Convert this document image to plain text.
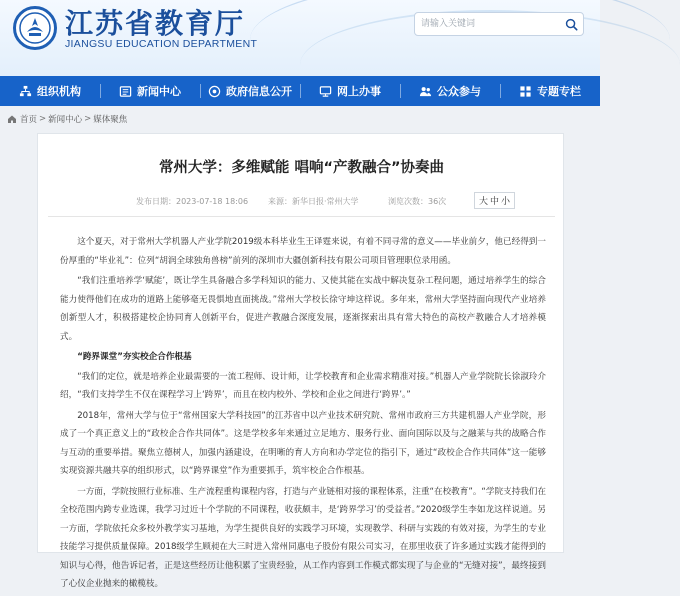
江苏省教育厅
JIANGSU EDUCATION DEPARTMENT
请输入关键词
组织机构	新闻中心	政府信息公开	网上办事	公众参与	专题专栏
首页 > 新闻中心 > 媒体聚焦
常州大学：多维赋能 唱响“产教融合”协奏曲
发布日期：2023-07-18 18:06 来源：新华日报·常州大学	浏览次数：36次	大 中 小

这个夏天，对于常州大学机器人产业学院2019级本科毕业生王译霆来说，有着不同寻常的意义——毕业前夕，他已经得到一份厚重的“毕业礼”：位列“胡润全球独角兽榜”前列的深圳市大疆创新科技有限公司项目管理职位录用函。

“我们注重培养学‘赋能’，既让学生具备融合多学科知识的能力、又使其能在实战中解决复杂工程问题，通过培养学生的综合能力使得他们在成功的道路上能够毫无畏惧地直面挑战。”常州大学校长徐守坤这样说。多年来，常州大学坚持面向现代产业培养创新型人才，积极搭建校企协同育人创新平台，促进产教融合深度发展，逐渐探索出具有常大特色的高校产教融合人才培养模式。

“跨界课堂”夯实校企合作根基

“我们的定位，就是培养企业最需要的一流工程师、设计师，让学校教育和企业需求精准对接。”机器人产业学院院长徐淑玲介绍，“我们支持学生不仅在课程学习上‘跨界’，而且在校内校外、学校和企业之间进行‘跨界’。”

2018年，常州大学与位于“常州国家大学科技园”的江苏省中以产业技术研究院、常州市政府三方共建机器人产业学院，形成了一个真正意义上的“政校企合作共同体”。这是学校多年来通过立足地方、服务行业、面向国际以及与之融莱与共的战略合作与互动的重要举措。聚焦立德树人，加强内涵建设，在明晰的育人方向和办学定位的指引下，通过“政校企合作共同体”这一能够实现资源共融共享的组织形式，以“跨界课堂”作为重要抓手，筑牢校企合作根基。

一方面，学院按照行业标准、生产流程重构课程内容，打造与产业链相对接的课程体系，注重“在校教育”。“学院支持我们在全校范围内跨专业选课，我学习过近十个学院的不同课程，收获颇丰，是‘跨界学习’的受益者。”2020级学生李如龙这样说道。另一方面，学院依托众多校外教学实习基地，为学生提供良好的实践学习环境，实现教学、科研与实践的有效对接，为学生的专业技能学习提供质量保障。2018级学生顾昶在大三时进入常州同惠电子股份有限公司实习，在那里收获了许多通过实践才能得到的知识与心得，他告诉记者，正是这些经历让他积累了宝贵经验，从工作内容到工作模式都实现了与企业的“无缝对接”，最终接到了心仪企业抛来的橄榄枝。
